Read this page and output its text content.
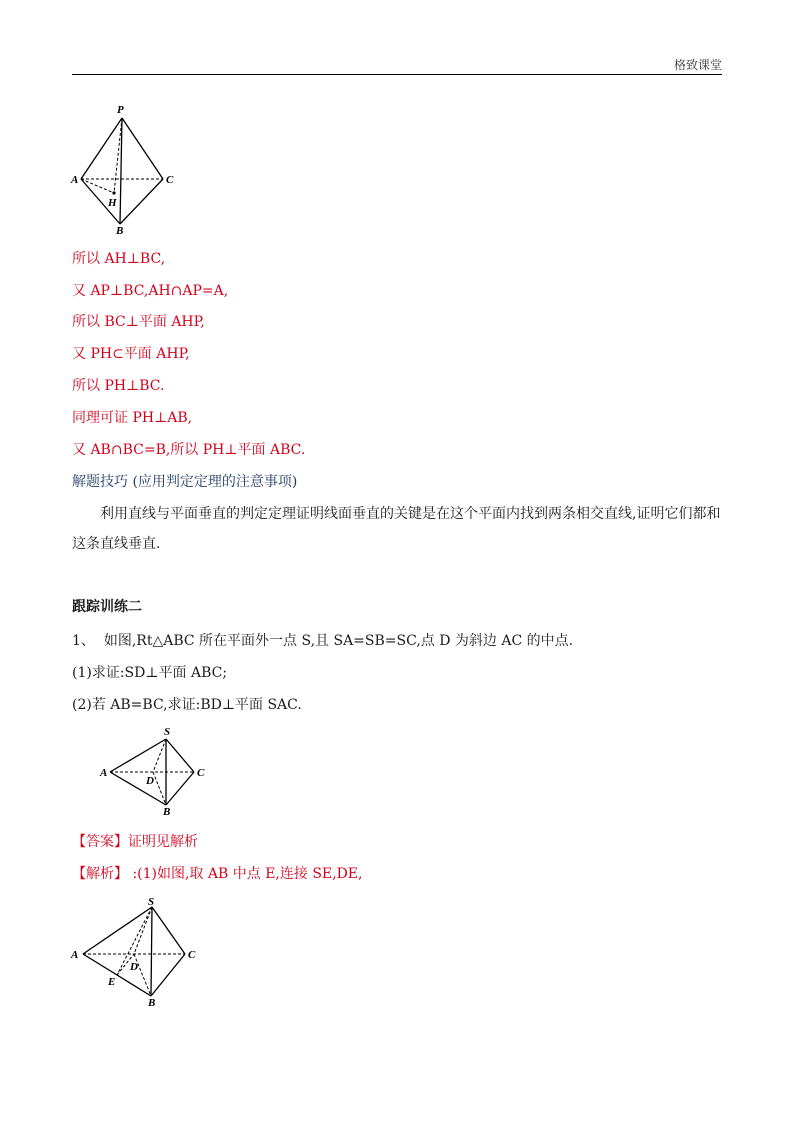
格致课堂
P
A	C
H
B
所以 AH⊥BC,
又 AP⊥BC,AH∩AP=A,
所以 BC⊥平面 AHP,
又 PH⊂平面 AHP,
所以 PH⊥BC.
同理可证 PH⊥AB,
又 AB∩BC=B,所以 PH⊥平面 ABC.
解题技巧 (应用判定定理的注意事项)
利用直线与平面垂直的判定定理证明线面垂直的关键是在这个平面内找到两条相交直线,证明它们都和这条直线垂直.
跟踪训练二
1、 如图,Rt△ABC 所在平面外一点 S,且 SA=SB=SC,点 D 为斜边 AC 的中点.
(1)求证:SD⊥平面 ABC;
(2)若 AB=BC,求证:BD⊥平面 SAC.
S
A	C
D
B
【答案】证明见解析
【解析】 :(1)如图,取 AB 中点 E,连接 SE,DE,
S
A	C
D
E
B
